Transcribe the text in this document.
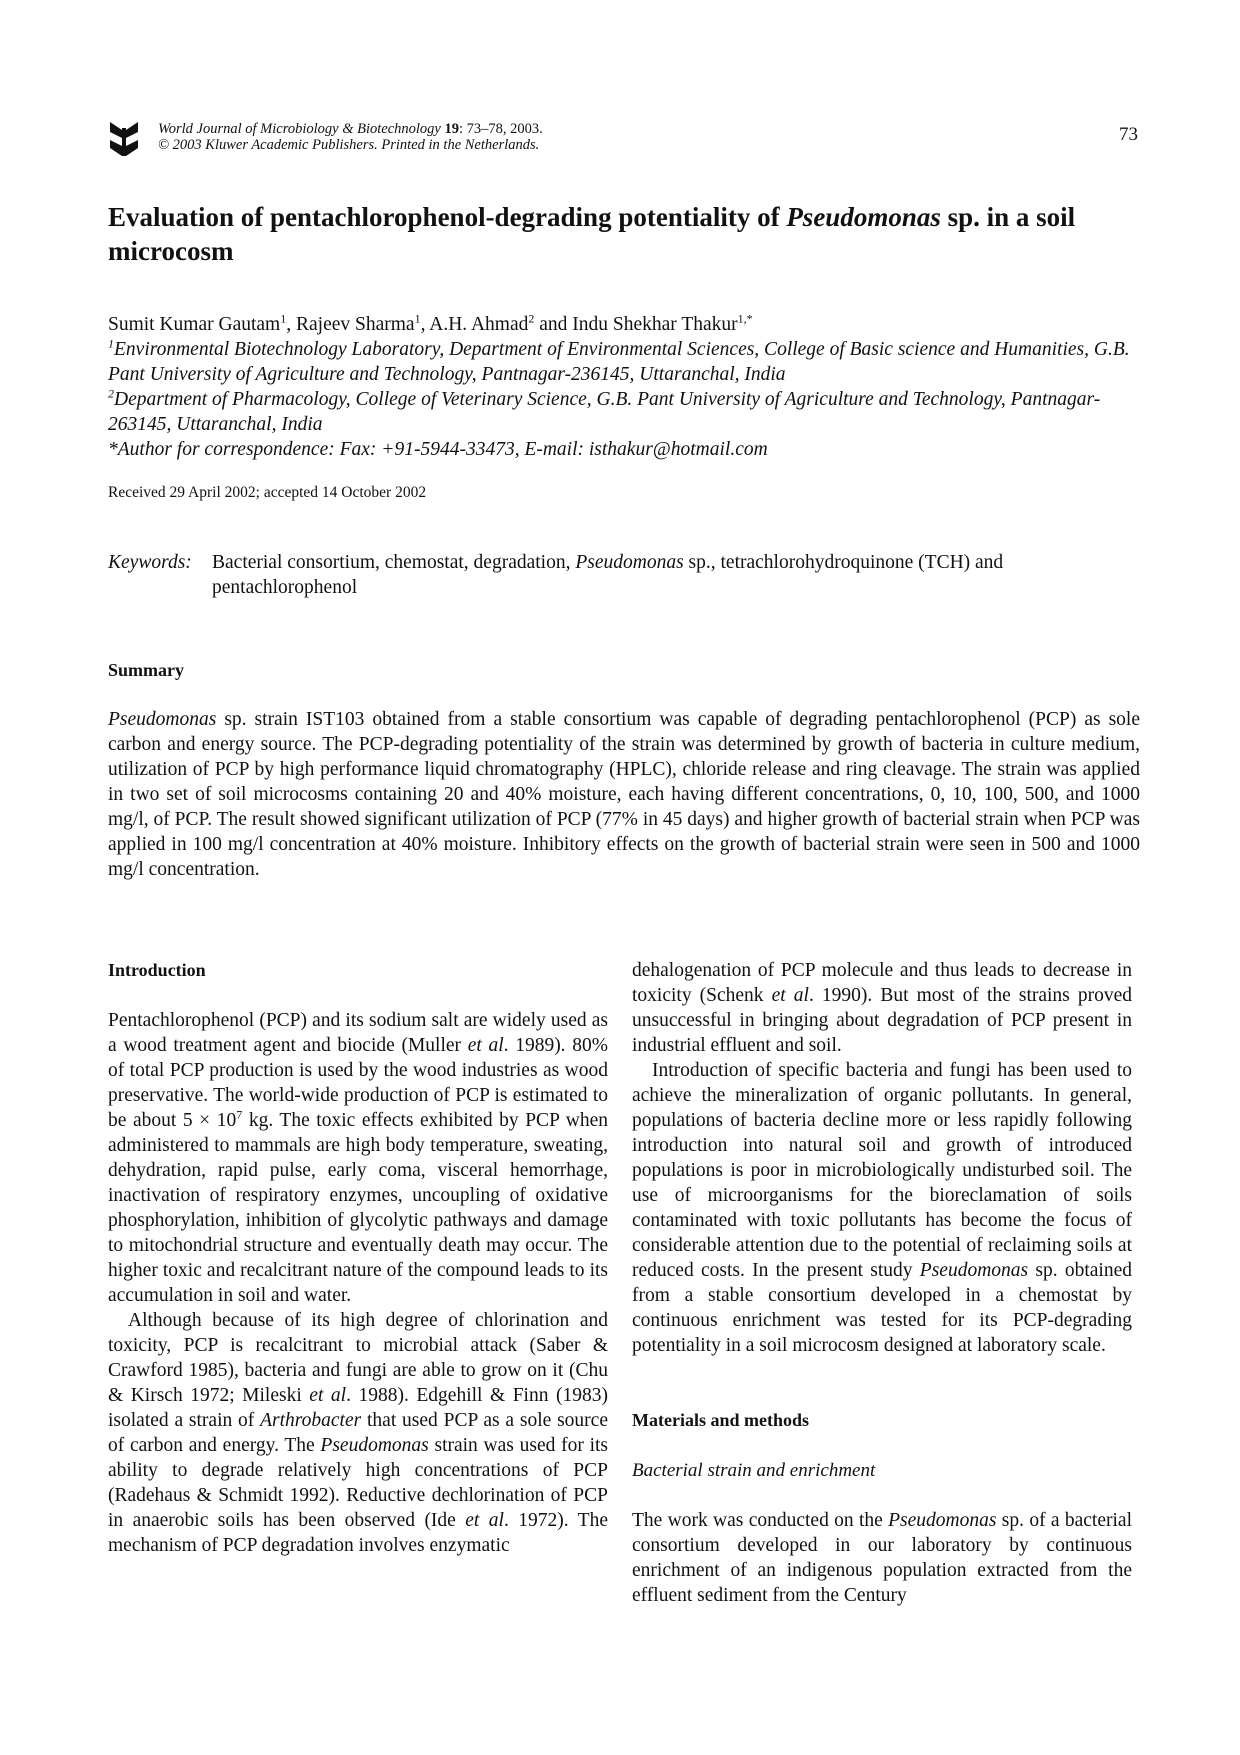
World Journal of Microbiology & Biotechnology 19: 73–78, 2003.
© 2003 Kluwer Academic Publishers. Printed in the Netherlands.	73
Evaluation of pentachlorophenol-degrading potentiality of Pseudomonas sp. in a soil microcosm
Sumit Kumar Gautam$^1$, Rajeev Sharma$^1$, A.H. Ahmad$^2$ and Indu Shekhar Thakur$^{1,*}$
$^1$Environmental Biotechnology Laboratory, Department of Environmental Sciences, College of Basic science and Humanities, G.B. Pant University of Agriculture and Technology, Pantnagar-236145, Uttaranchal, India
$^2$Department of Pharmacology, College of Veterinary Science, G.B. Pant University of Agriculture and Technology, Pantnagar-263145, Uttaranchal, India
*Author for correspondence: Fax: +91-5944-33473, E-mail: isthakur@hotmail.com
Received 29 April 2002; accepted 14 October 2002
Keywords:	Bacterial consortium, chemostat, degradation, Pseudomonas sp., tetrachlorohydroquinone (TCH) and pentachlorophenol
Summary

Pseudomonas sp. strain IST103 obtained from a stable consortium was capable of degrading pentachlorophenol (PCP) as sole carbon and energy source. The PCP-degrading potentiality of the strain was determined by growth of bacteria in culture medium, utilization of PCP by high performance liquid chromatography (HPLC), chloride release and ring cleavage. The strain was applied in two set of soil microcosms containing 20 and 40% moisture, each having different concentrations, 0, 10, 100, 500, and 1000 mg/l, of PCP. The result showed significant utilization of PCP (77% in 45 days) and higher growth of bacterial strain when PCP was applied in 100 mg/l concentration at 40% moisture. Inhibitory effects on the growth of bacterial strain were seen in 500 and 1000 mg/l concentration.

Introduction

Pentachlorophenol (PCP) and its sodium salt are widely used as a wood treatment agent and biocide (Muller et al. 1989). 80% of total PCP production is used by the wood industries as wood preservative. The world-wide production of PCP is estimated to be about $5 \times 10^7$ kg. The toxic effects exhibited by PCP when administered to mammals are high body temperature, sweating, dehydration, rapid pulse, early coma, visceral hemorrhage, inactivation of respiratory enzymes, uncoupling of oxidative phosphorylation, inhibition of glycolytic pathways and damage to mitochondrial structure and eventually death may occur. The higher toxic and recalcitrant nature of the compound leads to its accumulation in soil and water.

Although because of its high degree of chlorination and toxicity, PCP is recalcitrant to microbial attack (Saber & Crawford 1985), bacteria and fungi are able to grow on it (Chu & Kirsch 1972; Mileski et al. 1988). Edgehill & Finn (1983) isolated a strain of Arthrobacter that used PCP as a sole source of carbon and energy. The Pseudomonas strain was used for its ability to degrade relatively high concentrations of PCP (Radehaus & Schmidt 1992). Reductive dechlorination of PCP in anaerobic soils has been observed (Ide et al. 1972). The mechanism of PCP degradation involves enzymatic

dehalogenation of PCP molecule and thus leads to decrease in toxicity (Schenk et al. 1990). But most of the strains proved unsuccessful in bringing about degradation of PCP present in industrial effluent and soil.

Introduction of specific bacteria and fungi has been used to achieve the mineralization of organic pollutants. In general, populations of bacteria decline more or less rapidly following introduction into natural soil and growth of introduced populations is poor in microbiologically undisturbed soil. The use of microorganisms for the bioreclamation of soils contaminated with toxic pollutants has become the focus of considerable attention due to the potential of reclaiming soils at reduced costs. In the present study Pseudomonas sp. obtained from a stable consortium developed in a chemostat by continuous enrichment was tested for its PCP-degrading potentiality in a soil microcosm designed at laboratory scale.

Materials and methods
Bacterial strain and enrichment

The work was conducted on the Pseudomonas sp. of a bacterial consortium developed in our laboratory by continuous enrichment of an indigenous population extracted from the effluent sediment from the Century
